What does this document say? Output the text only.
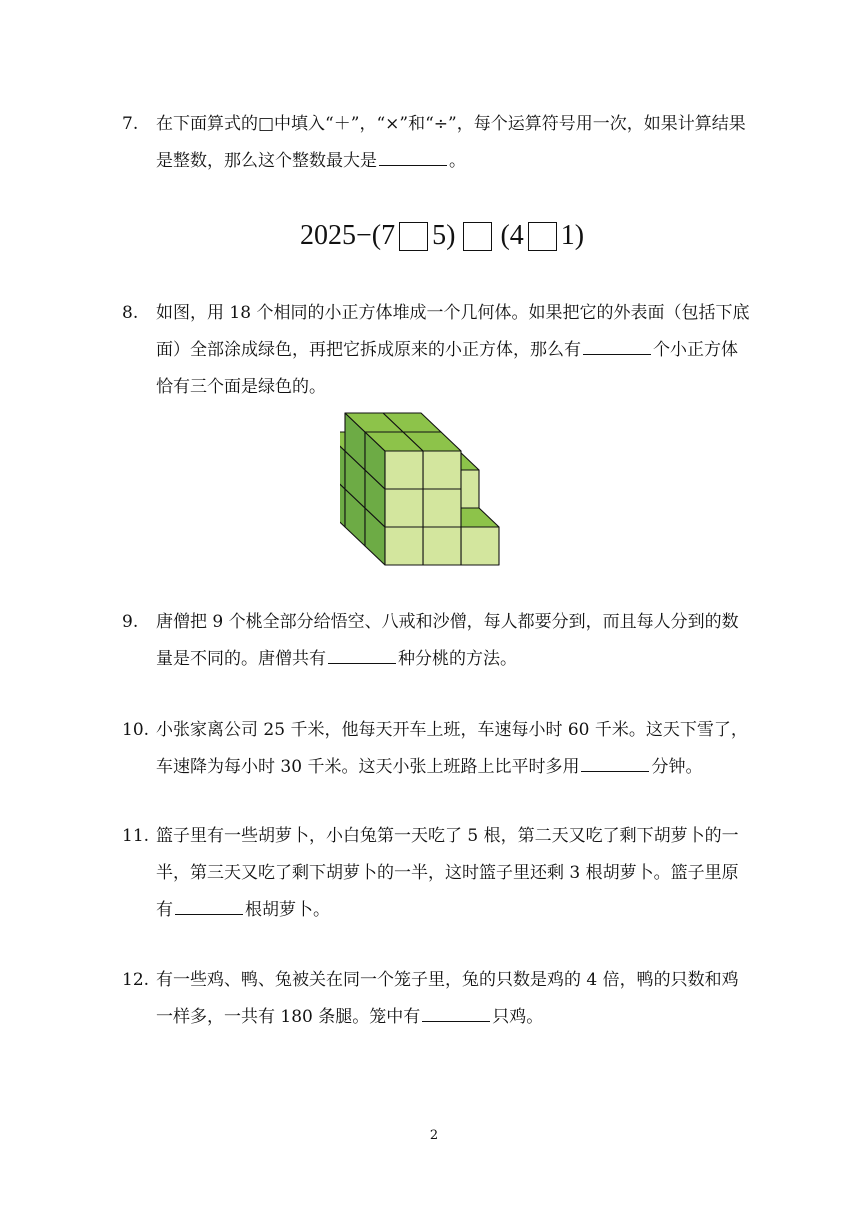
7.	在下面算式的□中填入“＋”，“×”和“÷”，每个运算符号用一次，如果计算结果是整数，那么这个整数最大是	。
2025−(7 5) (4 1)
8.	如图，用 18 个相同的小正方体堆成一个几何体。如果把它的外表面（包括下底面）全部涂成绿色，再把它拆成原来的小正方体，那么有	个小正方体恰有三个面是绿色的。
9.	唐僧把 9 个桃全部分给悟空、八戒和沙僧，每人都要分到，而且每人分到的数量是不同的。唐僧共有	种分桃的方法。
10. 小张家离公司 25 千米，他每天开车上班，车速每小时 60 千米。这天下雪了，车速降为每小时 30 千米。这天小张上班路上比平时多用	分钟。
11. 篮子里有一些胡萝卜，小白兔第一天吃了 5 根，第二天又吃了剩下胡萝卜的一半，第三天又吃了剩下胡萝卜的一半，这时篮子里还剩 3 根胡萝卜。篮子里原有	根胡萝卜。
12. 有一些鸡、鸭、兔被关在同一个笼子里，兔的只数是鸡的 4 倍，鸭的只数和鸡一样多，一共有 180 条腿。笼中有	只鸡。
2
